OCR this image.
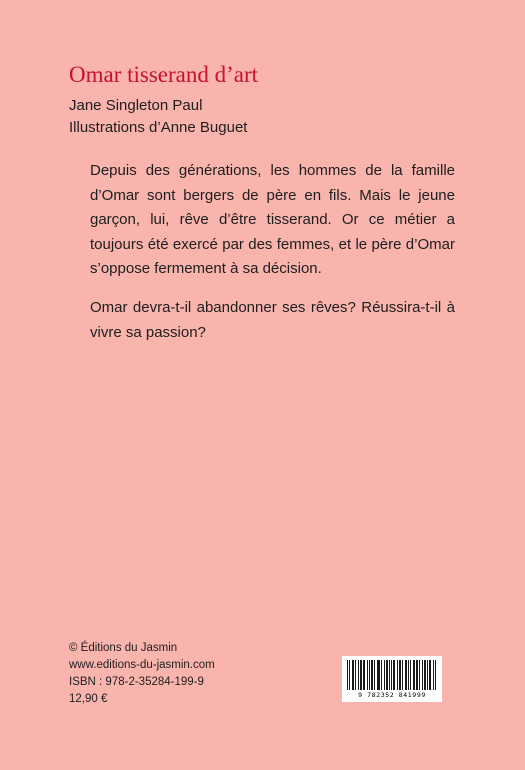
Omar tisserand d’art
Jane Singleton Paul
Illustrations d’Anne Buguet

Depuis des générations, les hommes de la famille d’Omar sont bergers de père en fils. Mais le jeune garçon, lui, rêve d’être tisserand. Or ce métier a toujours été exercé par des femmes, et le père d’Omar s’oppose fermement à sa décision.

Omar devra-t-il abandonner ses rêves? Réussira-t-il à vivre sa passion?

© Éditions du Jasmin
www.editions-du-jasmin.com
ISBN : 978-2-35284-199-9
12,90 €	9 782352 841999
